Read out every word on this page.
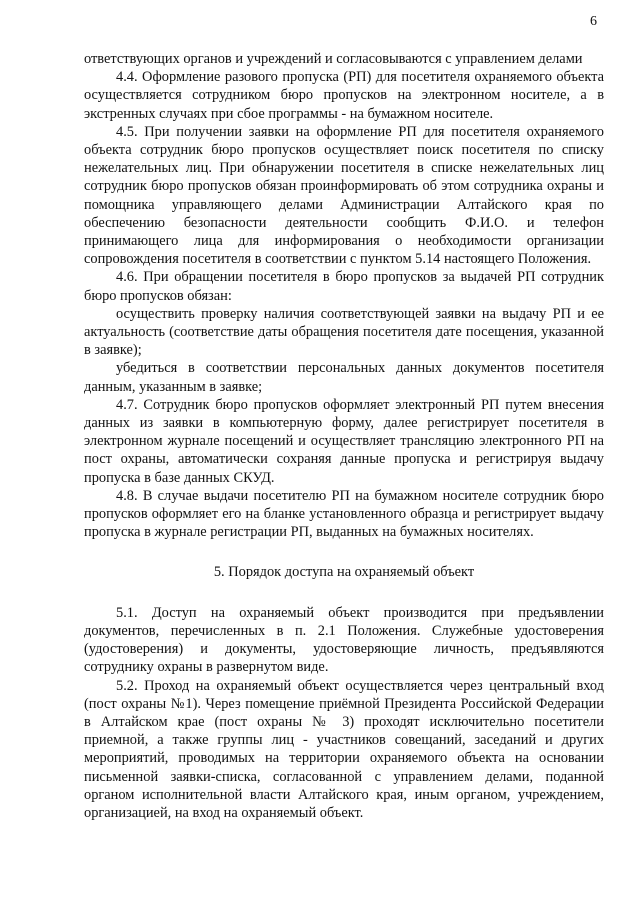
6

ответствующих органов и учреждений и согласовываются с управлением делами

4.4. Оформление разового пропуска (РП) для посетителя охраняемого объекта осуществляется сотрудником бюро пропусков на электронном носителе, а в экстренных случаях при сбое программы - на бумажном носителе.

4.5. При получении заявки на оформление РП для посетителя охраняемого объекта сотрудник бюро пропусков осуществляет поиск посетителя по списку нежелательных лиц. При обнаружении посетителя в списке нежелательных лиц сотрудник бюро пропусков обязан проинформировать об этом сотрудника охраны и помощника управляющего делами Администрации Алтайского края по обеспечению безопасности деятельности сообщить Ф.И.О. и телефон принимающего лица для информирования о необходимости организации сопровождения посетителя в соответствии с пунктом 5.14 настоящего Положения.

4.6. При обращении посетителя в бюро пропусков за выдачей РП сотрудник бюро пропусков обязан:

осуществить проверку наличия соответствующей заявки на выдачу РП и ее актуальность (соответствие даты обращения посетителя дате посещения, указанной в заявке);

убедиться в соответствии персональных данных документов посетителя данным, указанным в заявке;

4.7. Сотрудник бюро пропусков оформляет электронный РП путем внесения данных из заявки в компьютерную форму, далее регистрирует посетителя в электронном журнале посещений и осуществляет трансляцию электронного РП на пост охраны, автоматически сохраняя данные пропуска и регистрируя выдачу пропуска в базе данных СКУД.

4.8. В случае выдачи посетителю РП на бумажном носителе сотрудник бюро пропусков оформляет его на бланке установленного образца и регистрирует выдачу пропуска в журнале регистрации РП, выданных на бумажных носителях.

5. Порядок доступа на охраняемый объект

5.1. Доступ на охраняемый объект производится при предъявлении документов, перечисленных в п. 2.1 Положения. Служебные удостоверения (удостоверения) и документы, удостоверяющие личность, предъявляются сотруднику охраны в развернутом виде.

5.2. Проход на охраняемый объект осуществляется через центральный вход (пост охраны №1). Через помещение приёмной Президента Российской Федерации в Алтайском крае (пост охраны № 3) проходят исключительно посетители приемной, а также группы лиц - участников совещаний, заседаний и других мероприятий, проводимых на территории охраняемого объекта на основании письменной заявки-списка, согласованной с управлением делами, поданной органом исполнительной власти Алтайского края, иным органом, учреждением, организацией, на вход на охраняемый объект.
